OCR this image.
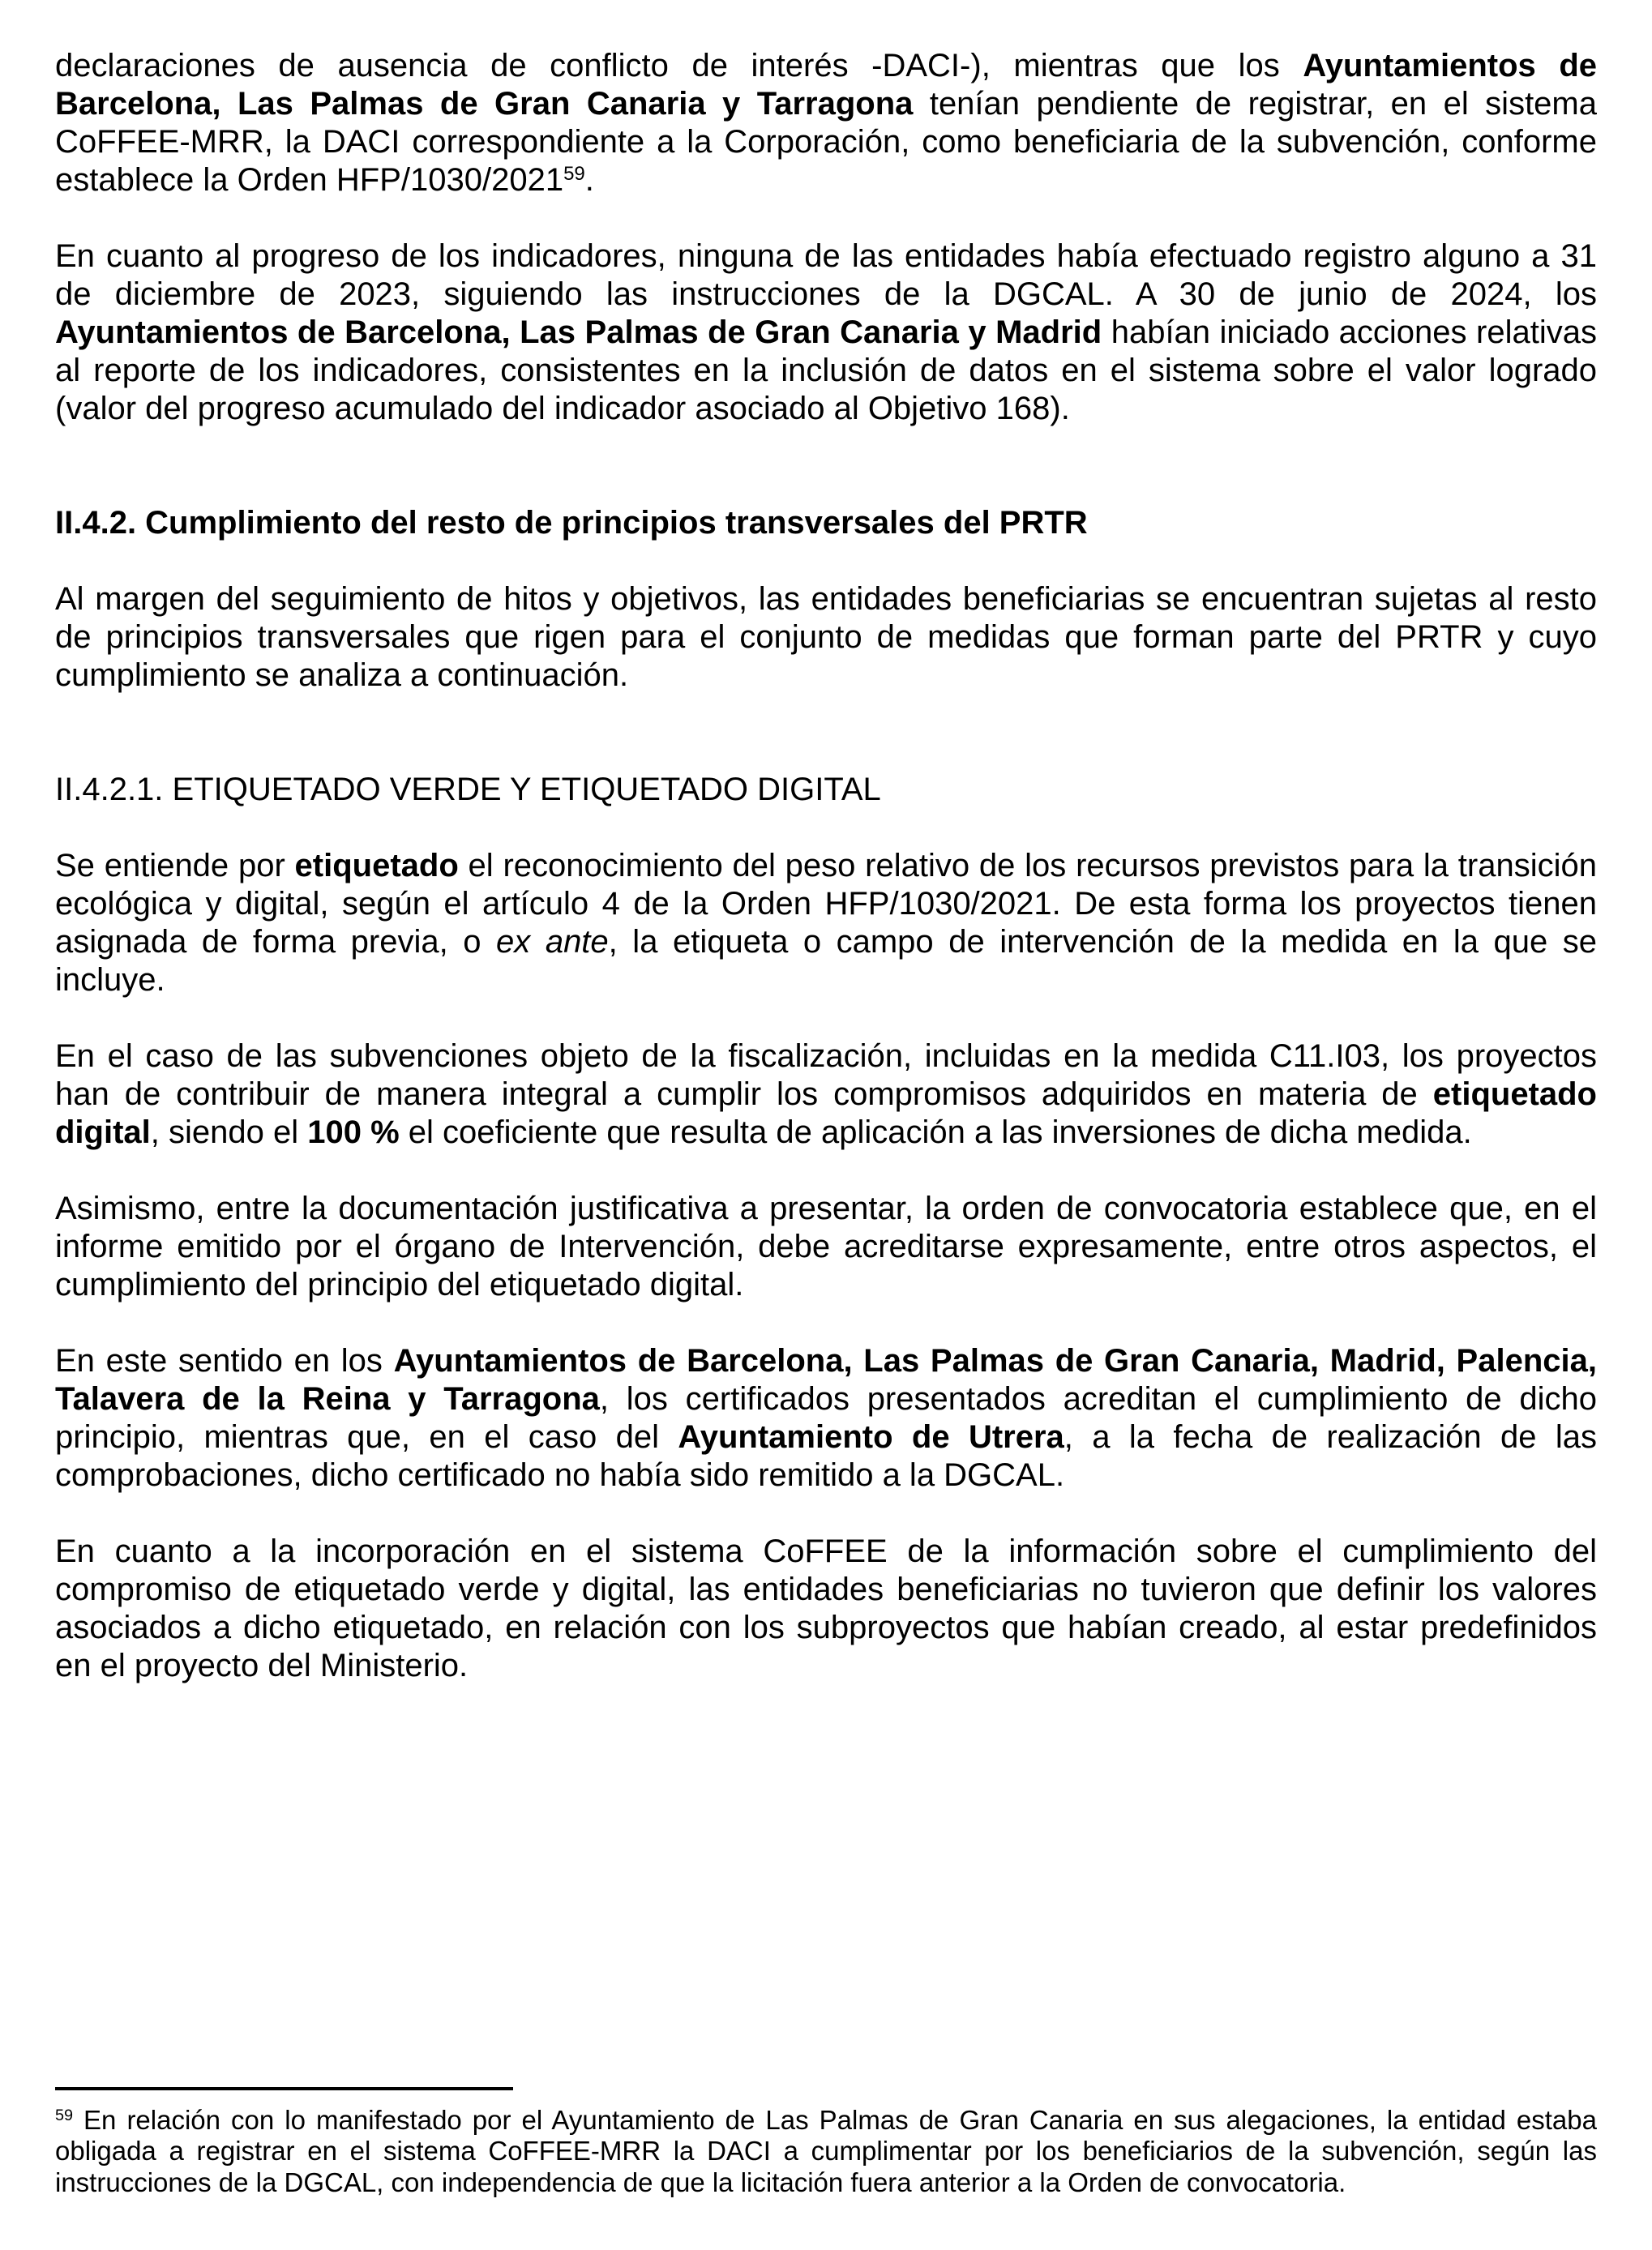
declaraciones de ausencia de conflicto de interés -DACI-), mientras que los Ayuntamientos de Barcelona, Las Palmas de Gran Canaria y Tarragona tenían pendiente de registrar, en el sistema CoFFEE-MRR, la DACI correspondiente a la Corporación, como beneficiaria de la subvención, conforme establece la Orden HFP/1030/2021$^{59}$.

En cuanto al progreso de los indicadores, ninguna de las entidades había efectuado registro alguno a 31 de diciembre de 2023, siguiendo las instrucciones de la DGCAL. A 30 de junio de 2024, los Ayuntamientos de Barcelona, Las Palmas de Gran Canaria y Madrid habían iniciado acciones relativas al reporte de los indicadores, consistentes en la inclusión de datos en el sistema sobre el valor logrado (valor del progreso acumulado del indicador asociado al Objetivo 168).

II.4.2. Cumplimiento del resto de principios transversales del PRTR

Al margen del seguimiento de hitos y objetivos, las entidades beneficiarias se encuentran sujetas al resto de principios transversales que rigen para el conjunto de medidas que forman parte del PRTR y cuyo cumplimiento se analiza a continuación.

II.4.2.1. ETIQUETADO VERDE Y ETIQUETADO DIGITAL

Se entiende por etiquetado el reconocimiento del peso relativo de los recursos previstos para la transición ecológica y digital, según el artículo 4 de la Orden HFP/1030/2021. De esta forma los proyectos tienen asignada de forma previa, o ex ante, la etiqueta o campo de intervención de la medida en la que se incluye.

En el caso de las subvenciones objeto de la fiscalización, incluidas en la medida C11.I03, los proyectos han de contribuir de manera integral a cumplir los compromisos adquiridos en materia de etiquetado digital, siendo el 100 % el coeficiente que resulta de aplicación a las inversiones de dicha medida.

Asimismo, entre la documentación justificativa a presentar, la orden de convocatoria establece que, en el informe emitido por el órgano de Intervención, debe acreditarse expresamente, entre otros aspectos, el cumplimiento del principio del etiquetado digital.

En este sentido en los Ayuntamientos de Barcelona, Las Palmas de Gran Canaria, Madrid, Palencia, Talavera de la Reina y Tarragona, los certificados presentados acreditan el cumplimiento de dicho principio, mientras que, en el caso del Ayuntamiento de Utrera, a la fecha de realización de las comprobaciones, dicho certificado no había sido remitido a la DGCAL.

En cuanto a la incorporación en el sistema CoFFEE de la información sobre el cumplimiento del compromiso de etiquetado verde y digital, las entidades beneficiarias no tuvieron que definir los valores asociados a dicho etiquetado, en relación con los subproyectos que habían creado, al estar predefinidos en el proyecto del Ministerio.

$^{59}$ En relación con lo manifestado por el Ayuntamiento de Las Palmas de Gran Canaria en sus alegaciones, la entidad estaba obligada a registrar en el sistema CoFFEE-MRR la DACI a cumplimentar por los beneficiarios de la subvención, según las instrucciones de la DGCAL, con independencia de que la licitación fuera anterior a la Orden de convocatoria.
